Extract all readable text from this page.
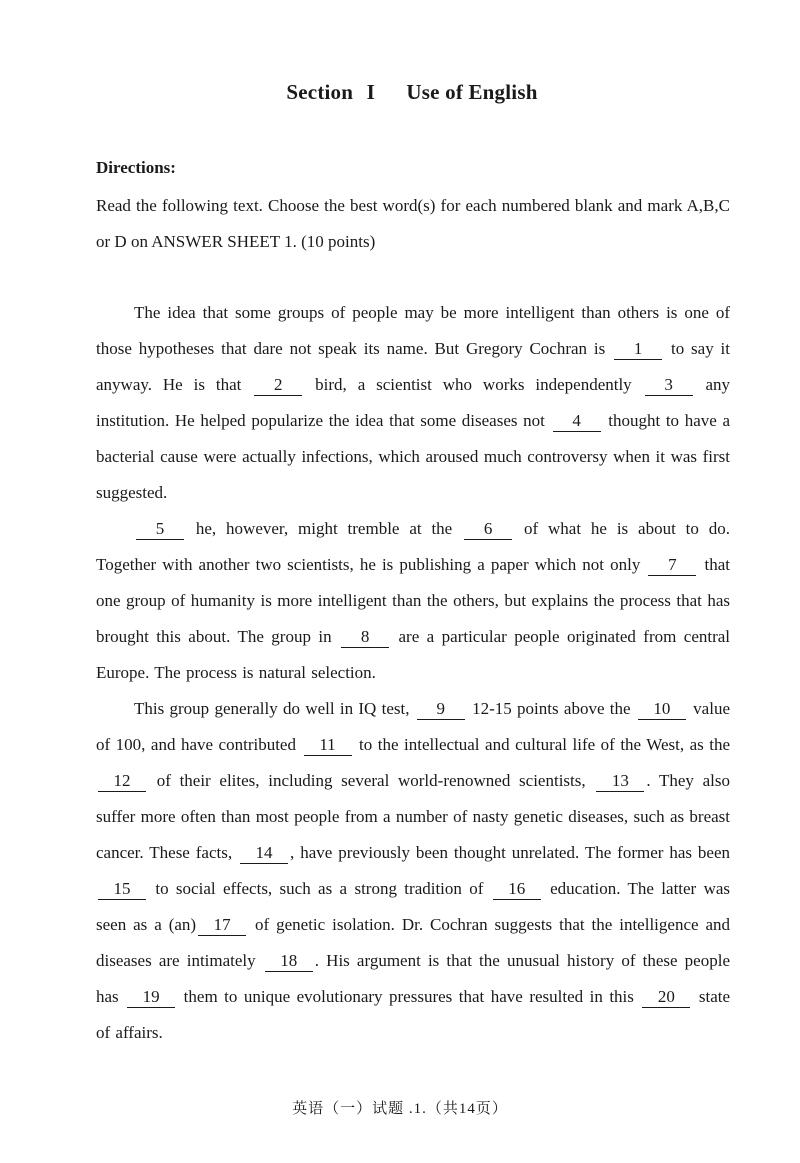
Section I Use of English
Directions:
Read the following text. Choose the best word(s) for each numbered blank and mark A,B,C or D on ANSWER SHEET 1. (10 points)

The idea that some groups of people may be more intelligent than others is one of those hypotheses that dare not speak its name. But Gregory Cochran is 1 to say it anyway. He is that 2 bird, a scientist who works independently 3 any institution. He helped popularize the idea that some diseases not 4 thought to have a bacterial cause were actually infections, which aroused much controversy when it was first suggested.

5 he, however, might tremble at the 6 of what he is about to do. Together with another two scientists, he is publishing a paper which not only 7 that one group of humanity is more intelligent than the others, but explains the process that has brought this about. The group in 8 are a particular people originated from central Europe. The process is natural selection.

This group generally do well in IQ test, 9 12-15 points above the 10 value of 100, and have contributed 11 to the intellectual and cultural life of the West, as the 12 of their elites, including several world-renowned scientists, 13 . They also suffer more often than most people from a number of nasty genetic diseases, such as breast cancer. These facts, 14 , have previously been thought unrelated. The former has been 15 to social effects, such as a strong tradition of 16 education. The latter was seen as a (an) 17 of genetic isolation. Dr. Cochran suggests that the intelligence and diseases are intimately 18 . His argument is that the unusual history of these people has 19 them to unique evolutionary pressures that have resulted in this 20 state of affairs.

英语（一）试题 .1.（共14页）
